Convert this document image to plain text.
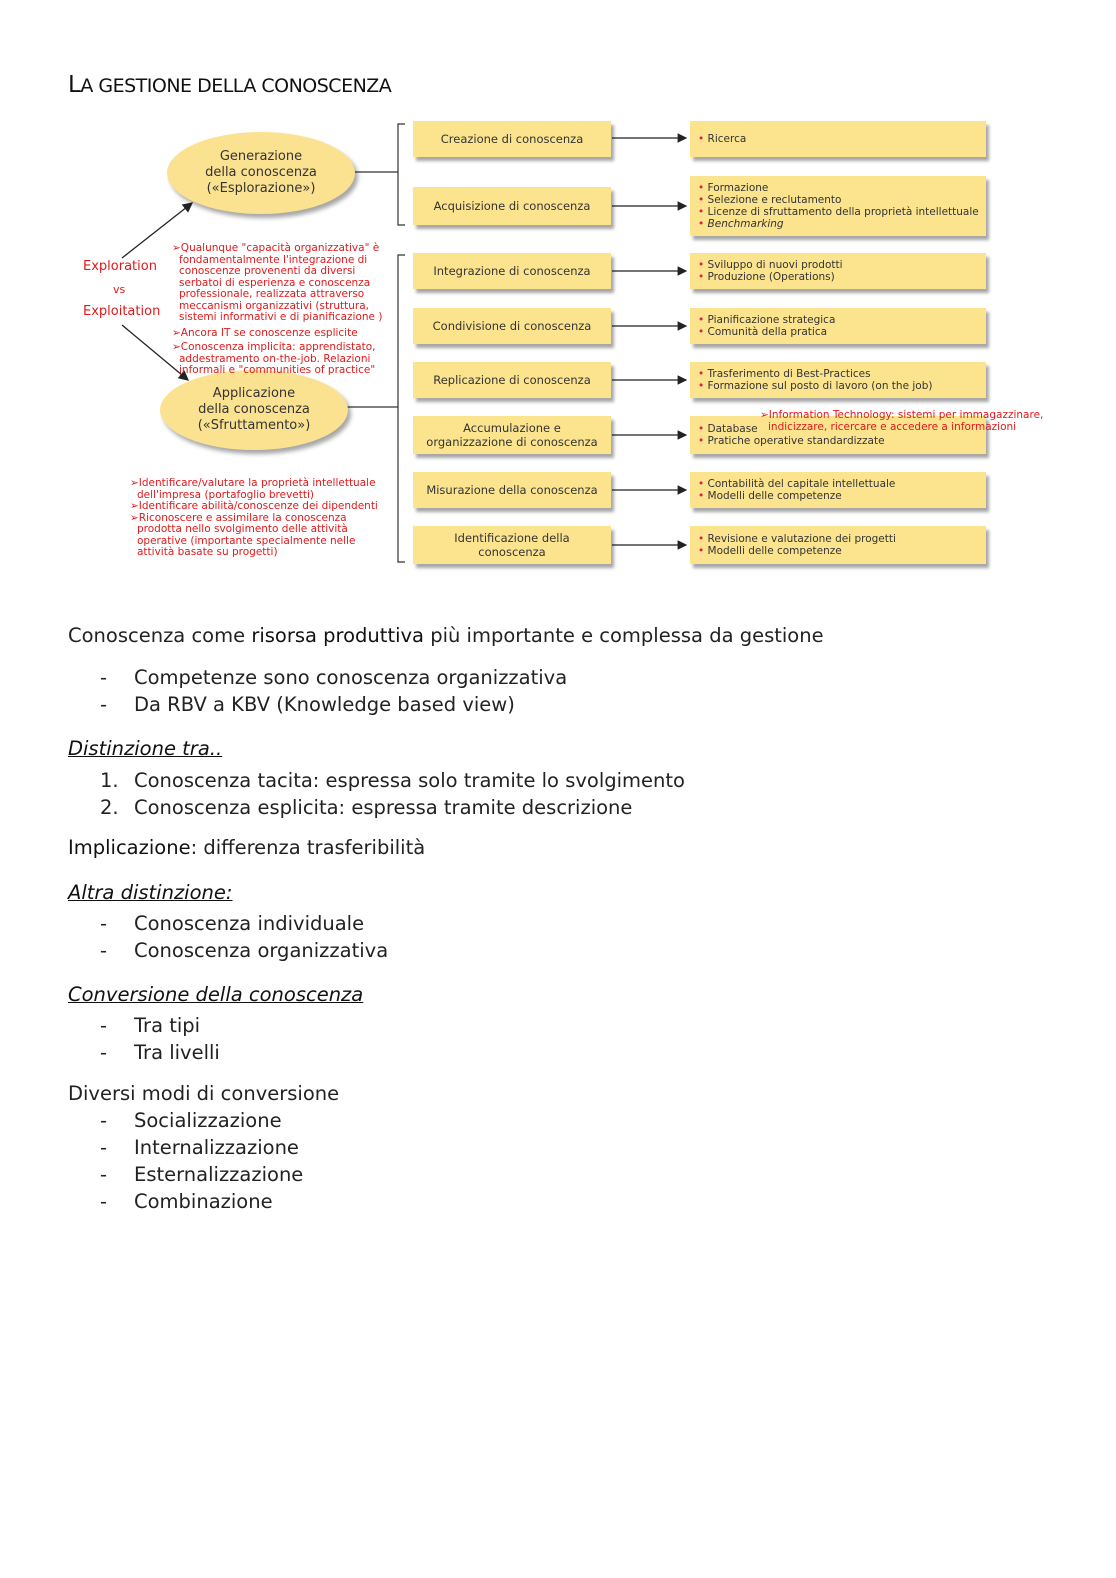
LA GESTIONE DELLA CONOSCENZA
Generazione
della conoscenza
(«Esplorazione»)
Applicazione
della conoscenza
(«Sfruttamento»)
Exploration
vs
Exploitation
➢Qualunque "capacità organizzativa" è
fondamentalmente l'integrazione di
conoscenze provenenti da diversi
serbatoi di esperienza e conoscenza
professionale, realizzata attraverso
meccanismi organizzativi (struttura,
sistemi informativi e di pianificazione )
➢Ancora IT se conoscenze esplicite
➢Conoscenza implicita: apprendistato,
addestramento on-the-job. Relazioni
informali e "communities of practice"
➢Identificare/valutare la proprietà intellettuale
dell'impresa (portafoglio brevetti)
➢Identificare abilità/conoscenze dei dipendenti
➢Riconoscere e assimilare la conoscenza
prodotta nello svolgimento delle attività
operative (importante specialmente nelle
attività basate su progetti)
Creazione di conoscenza
Acquisizione di conoscenza
Integrazione di conoscenza
Condivisione di conoscenza
Replicazione di conoscenza
Accumulazione e organizzazione di conoscenza
Misurazione della conoscenza
Identificazione della conoscenza
• Ricerca
• Formazione
• Selezione e reclutamento
• Licenze di sfruttamento della proprietà intellettuale
• Benchmarking
• Sviluppo di nuovi prodotti
• Produzione (Operations)
• Pianificazione strategica
• Comunità della pratica
• Trasferimento di Best-Practices
• Formazione sul posto di lavoro (on the job)
• Database
• Pratiche operative standardizzate
• Contabilità del capitale intellettuale
• Modelli delle competenze
• Revisione e valutazione dei progetti
• Modelli delle competenze
➢Information Technology: sistemi per immagazzinare,
indicizzare, ricercare e accedere a informazioni
Conoscenza come risorsa produttiva più importante e complessa da gestione
- Competenze sono conoscenza organizzativa
- Da RBV a KBV (Knowledge based view)
Distinzione tra..
1. Conoscenza tacita: espressa solo tramite lo svolgimento
2. Conoscenza esplicita: espressa tramite descrizione
Implicazione: differenza trasferibilità
Altra distinzione:
- Conoscenza individuale
- Conoscenza organizzativa
Conversione della conoscenza
- Tra tipi
- Tra livelli
Diversi modi di conversione
- Socializzazione
- Internalizzazione
- Esternalizzazione
- Combinazione
